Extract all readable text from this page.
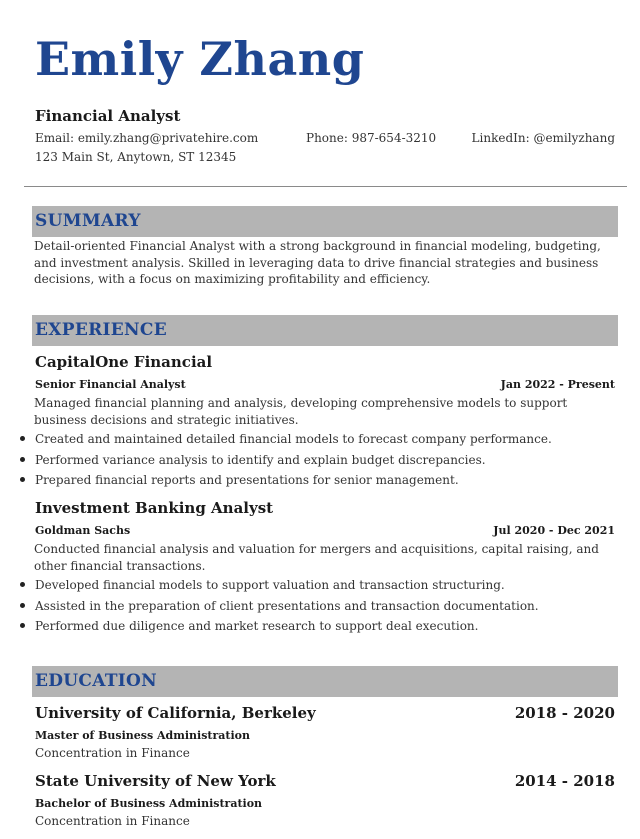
Emily Zhang
Financial Analyst
Email: emily.zhang@privatehire.com	Phone: 987-654-3210	LinkedIn: @emilyzhang
123 Main St, Anytown, ST 12345
SUMMARY
Detail-oriented Financial Analyst with a strong background in financial modeling, budgeting, and investment analysis. Skilled in leveraging data to drive financial strategies and business decisions, with a focus on maximizing profitability and efficiency.
EXPERIENCE
CapitalOne Financial
Senior Financial Analyst	Jan 2022 - Present
Managed financial planning and analysis, developing comprehensive models to support business decisions and strategic initiatives.
Created and maintained detailed financial models to forecast company performance.
Performed variance analysis to identify and explain budget discrepancies.
Prepared financial reports and presentations for senior management.
Investment Banking Analyst
Goldman Sachs	Jul 2020 - Dec 2021
Conducted financial analysis and valuation for mergers and acquisitions, capital raising, and other financial transactions.
Developed financial models to support valuation and transaction structuring.
Assisted in the preparation of client presentations and transaction documentation.
Performed due diligence and market research to support deal execution.
EDUCATION
University of California, Berkeley	2018 - 2020
Master of Business Administration
Concentration in Finance
State University of New York	2014 - 2018
Bachelor of Business Administration
Concentration in Finance
